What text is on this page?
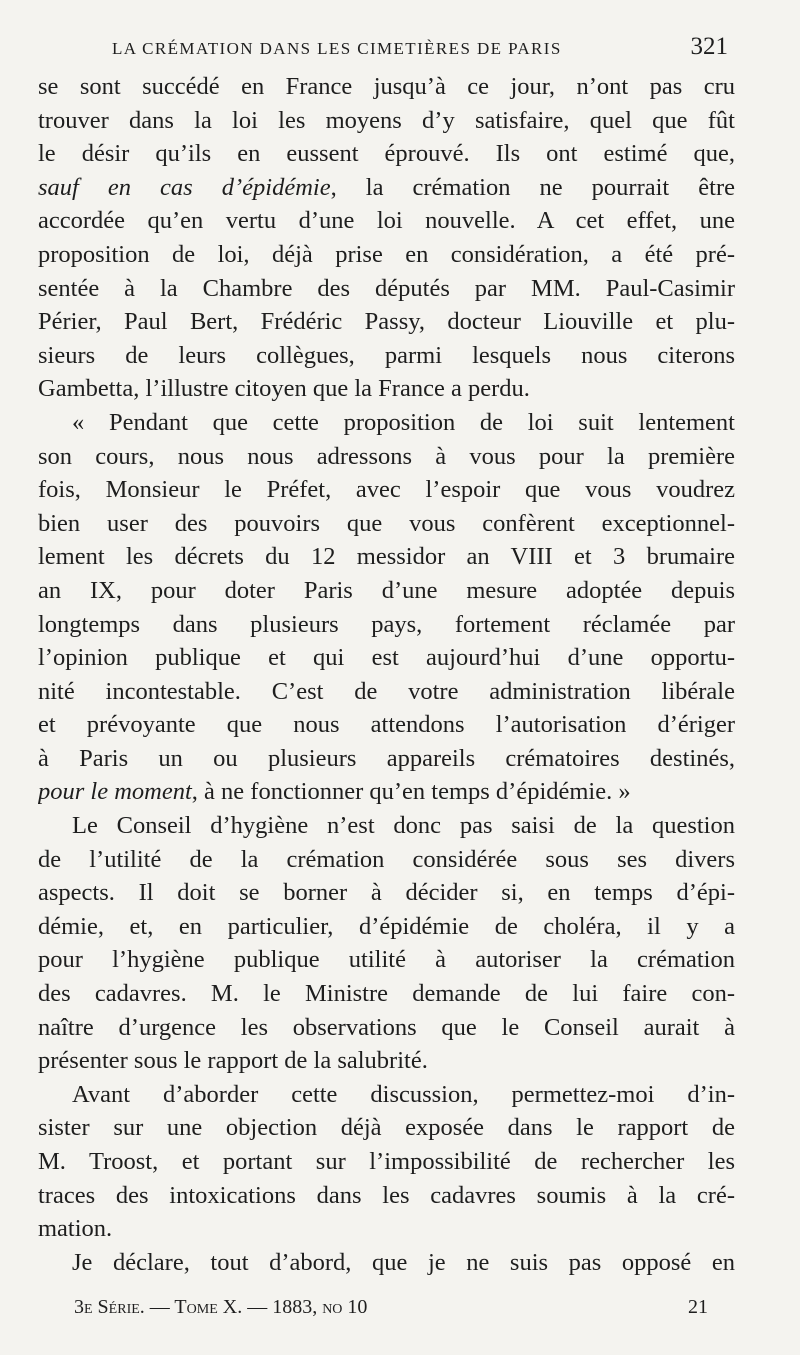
LA CRÉMATION DANS LES CIMETIÈRES DE PARIS	321
se sont succédé en France jusqu’à ce jour, n’ont pas cru
trouver dans la loi les moyens d’y satisfaire, quel que fût
le désir qu’ils en eussent éprouvé. Ils ont estimé que,
sauf en cas d’épidémie, la crémation ne pourrait être
accordée qu’en vertu d’une loi nouvelle. A cet effet, une
proposition de loi, déjà prise en considération, a été pré-
sentée à la Chambre des députés par MM. Paul-Casimir
Périer, Paul Bert, Frédéric Passy, docteur Liouville et plu-
sieurs de leurs collègues, parmi lesquels nous citerons
Gambetta, l’illustre citoyen que la France a perdu.
« Pendant que cette proposition de loi suit lentement
son cours, nous nous adressons à vous pour la première
fois, Monsieur le Préfet, avec l’espoir que vous voudrez
bien user des pouvoirs que vous confèrent exceptionnel-
lement les décrets du 12 messidor an VIII et 3 brumaire
an IX, pour doter Paris d’une mesure adoptée depuis
longtemps dans plusieurs pays, fortement réclamée par
l’opinion publique et qui est aujourd’hui d’une opportu-
nité incontestable. C’est de votre administration libérale
et prévoyante que nous attendons l’autorisation d’ériger
à Paris un ou plusieurs appareils crématoires destinés,
pour le moment, à ne fonctionner qu’en temps d’épidémie. »
Le Conseil d’hygiène n’est donc pas saisi de la question
de l’utilité de la crémation considérée sous ses divers
aspects. Il doit se borner à décider si, en temps d’épi-
démie, et, en particulier, d’épidémie de choléra, il y a
pour l’hygiène publique utilité à autoriser la crémation
des cadavres. M. le Ministre demande de lui faire con-
naître d’urgence les observations que le Conseil aurait à
présenter sous le rapport de la salubrité.
Avant d’aborder cette discussion, permettez-moi d’in-
sister sur une objection déjà exposée dans le rapport de
M. Troost, et portant sur l’impossibilité de rechercher les
traces des intoxications dans les cadavres soumis à la cré-
mation.
Je déclare, tout d’abord, que je ne suis pas opposé en
3e Série. — Tome X. — 1883, no 10	21
